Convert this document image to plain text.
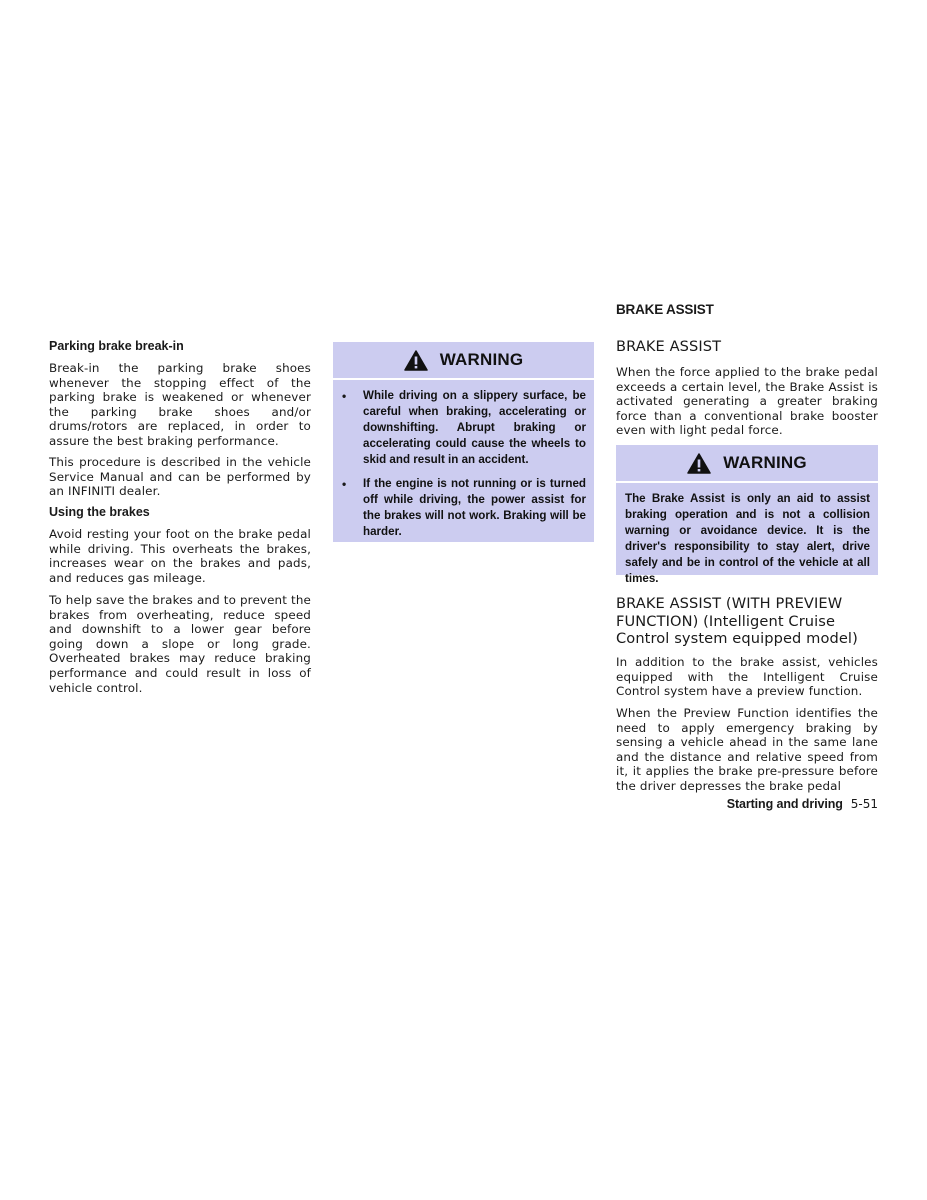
Parking brake break-in

Break-in the parking brake shoes whenever the stopping effect of the parking brake is weakened or whenever the parking brake shoes and/or drums/rotors are replaced, in order to assure the best braking performance.

This procedure is described in the vehicle Service Manual and can be performed by an INFINITI dealer.

Using the brakes

Avoid resting your foot on the brake pedal while driving. This overheats the brakes, increases wear on the brakes and pads, and reduces gas mileage.

To help save the brakes and to prevent the brakes from overheating, reduce speed and downshift to a lower gear before going down a slope or long grade. Overheated brakes may reduce braking performance and could result in loss of vehicle control.

WARNING
• While driving on a slippery surface, be careful when braking, accelerating or downshifting. Abrupt braking or accelerating could cause the wheels to skid and result in an accident.

• If the engine is not running or is turned off while driving, the power assist for the brakes will not work. Braking will be harder.

BRAKE ASSIST

BRAKE ASSIST

When the force applied to the brake pedal exceeds a certain level, the Brake Assist is activated generating a greater braking force than a conventional brake booster even with light pedal force.

WARNING

The Brake Assist is only an aid to assist braking operation and is not a collision warning or avoidance device. It is the driver's responsibility to stay alert, drive safely and be in control of the vehicle at all times.

BRAKE ASSIST (WITH PREVIEW FUNCTION) (Intelligent Cruise Control system equipped model)

In addition to the brake assist, vehicles equipped with the Intelligent Cruise Control system have a preview function.

When the Preview Function identifies the need to apply emergency braking by sensing a vehicle ahead in the same lane and the distance and relative speed from it, it applies the brake pre-pressure before the driver depresses the brake pedal

Starting and driving 5-51
